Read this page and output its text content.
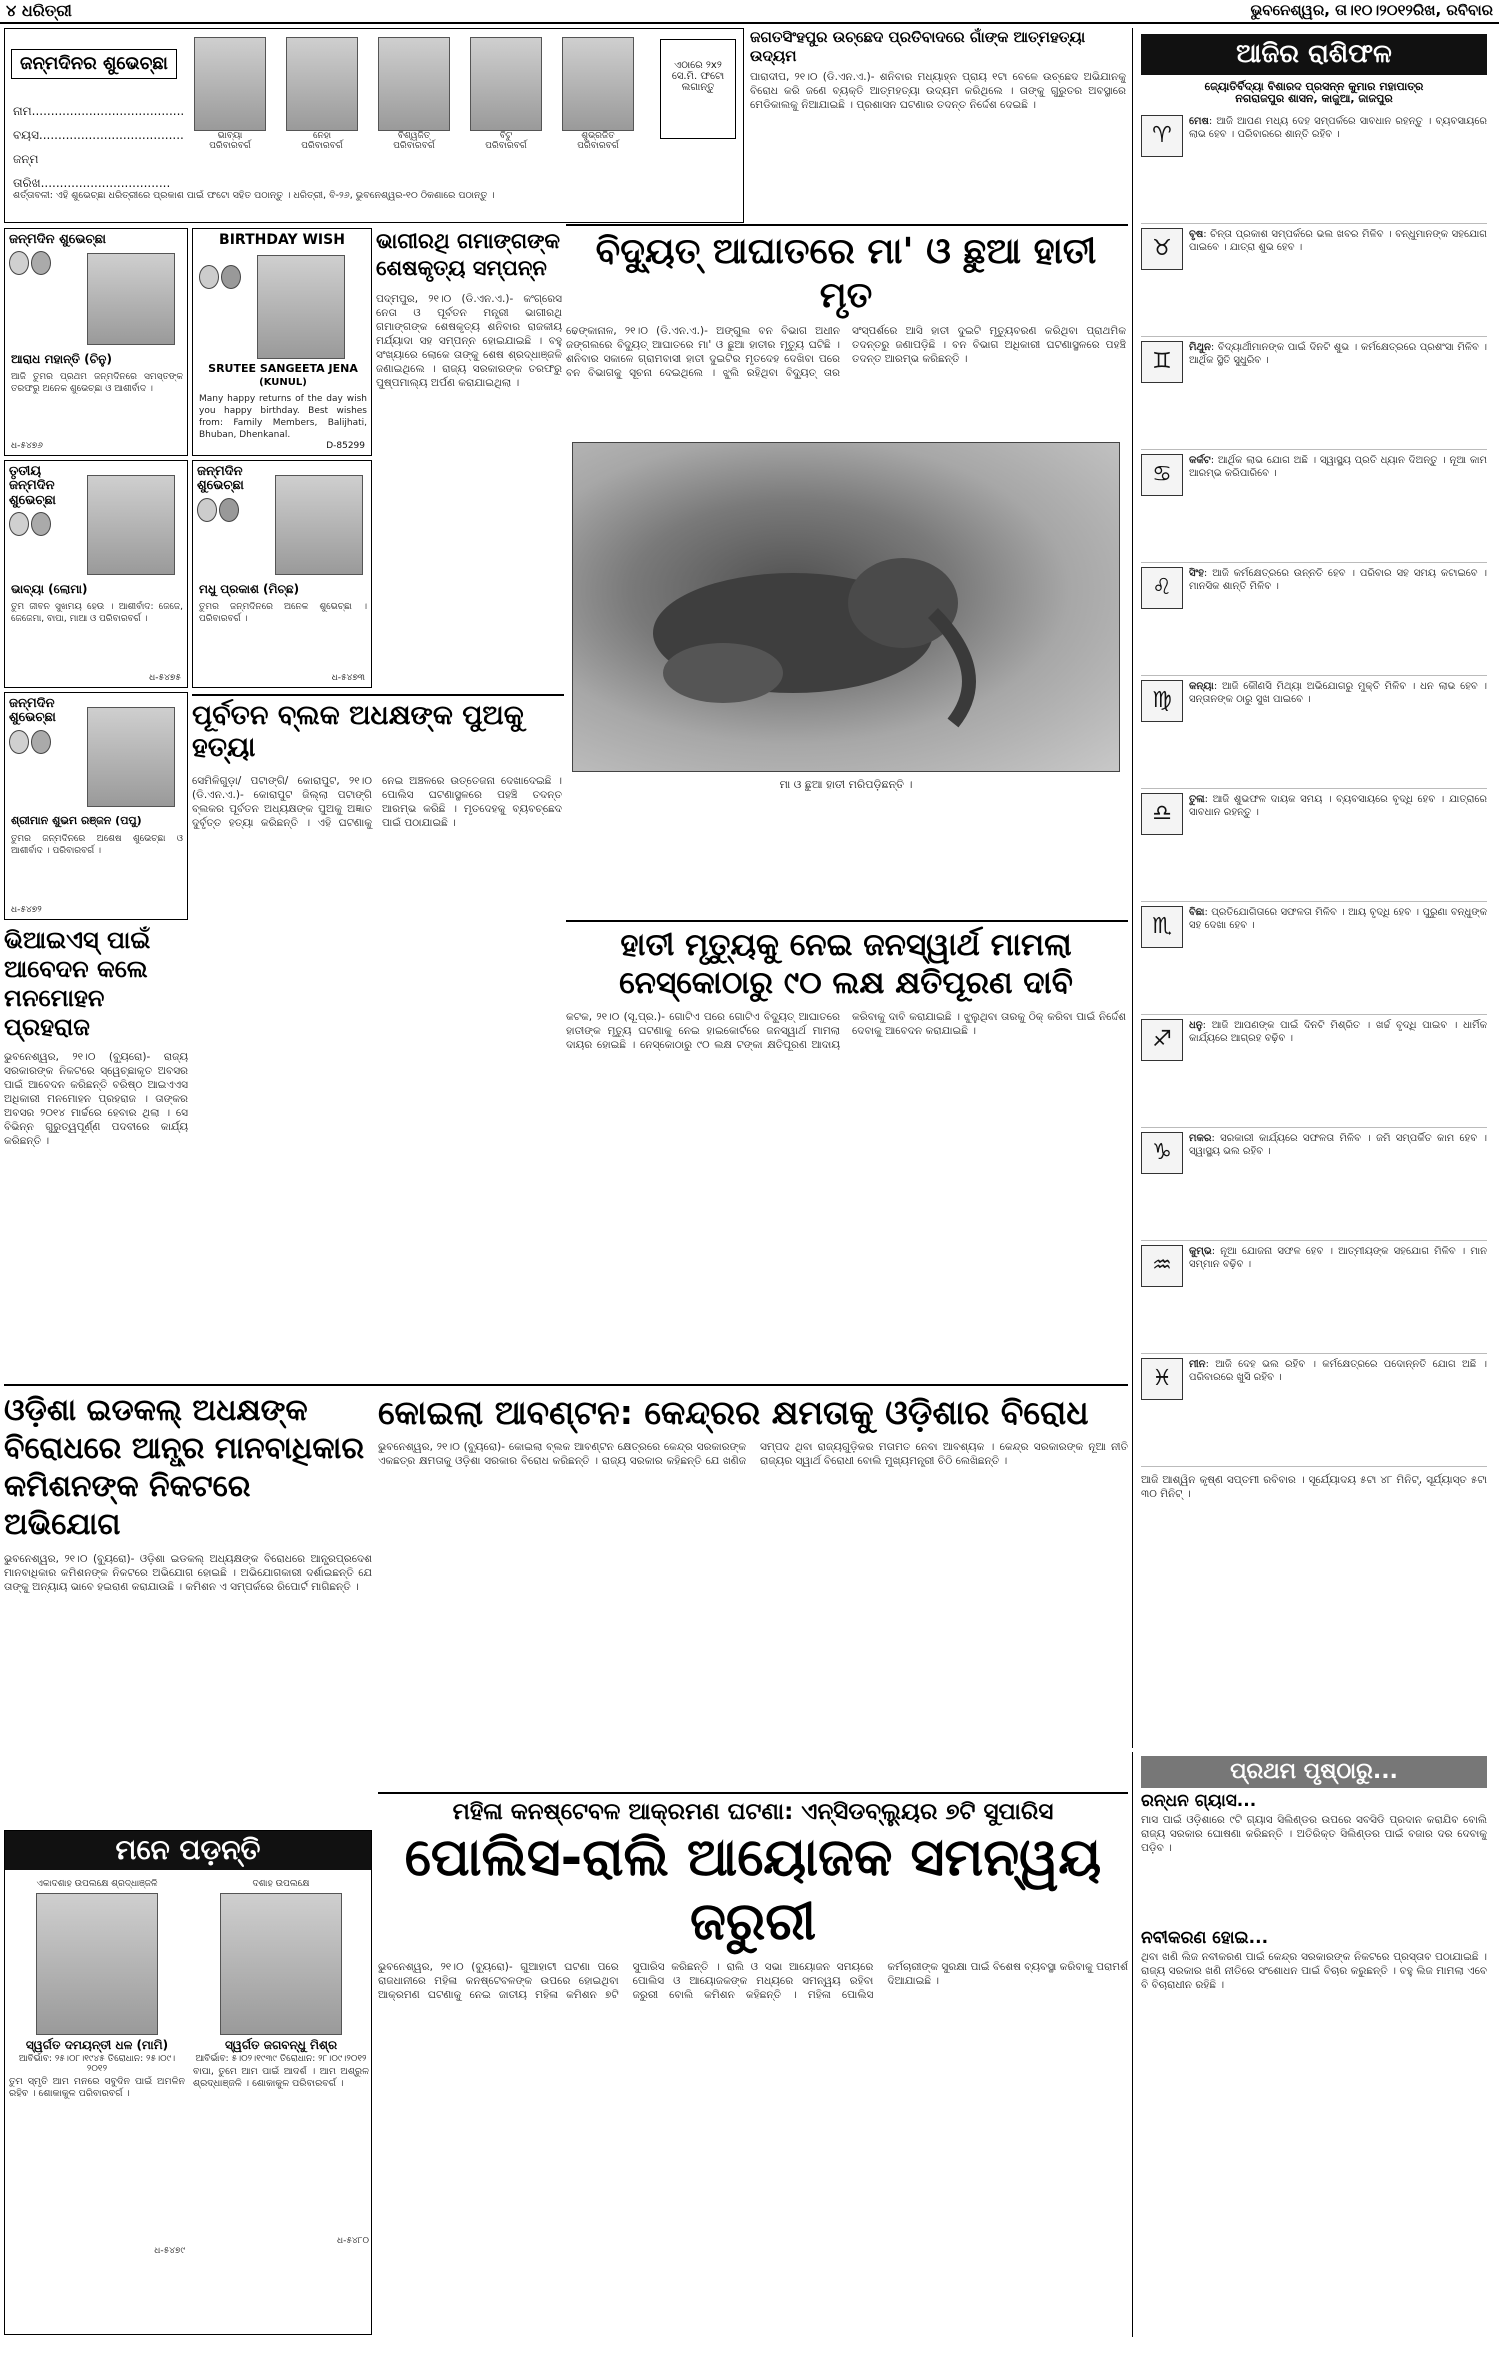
୪ ଧରିତ୍ରୀ	ଭୁବନେଶ୍ୱର, ତା।୧୦।୨୦୧୨ରିଖ, ରବିବାର
ଜନ୍ମଦିନର ଶୁଭେଚ୍ଛା
ନାମ........................................
ବୟସ......................................
ଜନ୍ମ ତାରିଖ..................................
ଭାବ୍ୟା
ପରିବାରବର୍ଗ
ନେହା
ପରିବାରବର୍ଗ
ବିଶ୍ୱଜିତ୍
ପରିବାରବର୍ଗ
ବିଟୁ
ପରିବାରବର୍ଗ
ଶୁଭ୍ରଜିତ
ପରିବାରବର୍ଗ
ଏଠାରେ ୨x୨ ସେ.ମି. ଫଟୋ ଲଗାନ୍ତୁ
ଶର୍ତ୍ତାବଳୀ: ଏହି ଶୁଭେଚ୍ଛା ଧରିତ୍ରୀରେ ପ୍ରକାଶ ପାଇଁ ଫଟୋ ସହିତ ପଠାନ୍ତୁ । ଧରିତ୍ରୀ, ବି-୨୬, ଭୁବନେଶ୍ୱର-୧୦ ଠିକଣାରେ ପଠାନ୍ତୁ ।
ଜନ୍ମଦିନ ଶୁଭେଚ୍ଛା
ଆରାଧ ମହାନ୍ତି (ଚିନୁ)
ଆଜି ତୁମର ପ୍ରଥମ ଜନ୍ମଦିନରେ ସମସ୍ତଙ୍କ ତରଫରୁ ଅନେକ ଶୁଭେଚ୍ଛା ଓ ଆଶୀର୍ବାଦ ।
ଧ-୫୪୭୬
BIRTHDAY WISH
SRUTEE SANGEETA JENA
(KUNUL)
Many happy returns of the day wish you happy birthday. Best wishes from: Family Members, Balijhati, Bhuban, Dhenkanal.
D-85299
ତୃତୀୟ ଜନ୍ମଦିନ ଶୁଭେଚ୍ଛା
ଭାବ୍ୟା (ଲୋମା)
ତୁମ ଜୀବନ ସୁଖମୟ ହେଉ । ଆଶୀର୍ବାଦ: ଜେଜେ, ଜେଜେମା, ବାପା, ମାଆ ଓ ପରିବାରବର୍ଗ ।
ଧ-୫୪୭୫
ଜନ୍ମଦିନ ଶୁଭେଚ୍ଛା
ମଧୁ ପ୍ରକାଶ (ମିଚ୍ଛ)
ତୁମର ଜନ୍ମଦିନରେ ଅନେକ ଶୁଭେଚ୍ଛା । ପରିବାରବର୍ଗ ।
ଧ-୫୪୭୩
ଜନ୍ମଦିନ ଶୁଭେଚ୍ଛା
ଶ୍ରୀମାନ ଶୁଭମ ରଞ୍ଜନ (ପପୁ)
ତୁମର ଜନ୍ମଦିନରେ ଅଶେଷ ଶୁଭେଚ୍ଛା ଓ ଆଶୀର୍ବାଦ । ପରିବାରବର୍ଗ ।
ଧ-୫୪୭୨
ଭିଆଇଏସ୍ ପାଇଁ ଆବେଦନ କଲେ ମନମୋହନ ପ୍ରହରାଜ
ଭୁବନେଶ୍ୱର, ୨୧।୦ (ବ୍ୟୁରୋ)- ରାଜ୍ୟ ସରକାରଙ୍କ ନିକଟରେ ସ୍ୱେଚ୍ଛାକୃତ ଅବସର ପାଇଁ ଆବେଦନ କରିଛନ୍ତି ବରିଷ୍ଠ ଆଇଏଏସ ଅଧିକାରୀ ମନମୋହନ ପ୍ରହରାଜ । ତାଙ୍କର ଅବସର ୨୦୧୪ ମାର୍ଚ୍ଚରେ ହେବାର ଥିଲା । ସେ ବିଭିନ୍ନ ଗୁରୁତ୍ୱପୂର୍ଣ୍ଣ ପଦବୀରେ କାର୍ଯ୍ୟ କରିଛନ୍ତି ।
ଭାଗୀରଥି ଗମାଙ୍ଗଙ୍କ ଶେଷକୃତ୍ୟ ସମ୍ପନ୍ନ
ପଦ୍ମପୁର, ୨୧।୦ (ଡି.ଏନ.ଏ.)- କଂଗ୍ରେସ ନେତା ଓ ପୂର୍ବତନ ମନ୍ତ୍ରୀ ଭାଗୀରଥି ଗମାଙ୍ଗଙ୍କ ଶେଷକୃତ୍ୟ ଶନିବାର ରାଜକୀୟ ମର୍ଯ୍ୟାଦା ସହ ସମ୍ପନ୍ନ ହୋଇଯାଇଛି । ବହୁ ସଂଖ୍ୟାରେ ଲୋକେ ତାଙ୍କୁ ଶେଷ ଶ୍ରଦ୍ଧାଞ୍ଜଳି ଜଣାଇଥିଲେ । ରାଜ୍ୟ ସରକାରଙ୍କ ତରଫରୁ ପୁଷ୍ପମାଲ୍ୟ ଅର୍ପଣ କରାଯାଇଥିଲା ।
ପୂର୍ବତନ ବ୍ଲକ ଅଧକ୍ଷଙ୍କ ପୁଅକୁ ହତ୍ୟା
ସେମିଳିଗୁଡ଼ା/ ପଟାଙ୍ଗି/ କୋରାପୁଟ, ୨୧।୦ (ଡି.ଏନ.ଏ.)- କୋରାପୁଟ ଜିଲ୍ଲା ପଟାଙ୍ଗି ବ୍ଲକର ପୂର୍ବତନ ଅଧ୍ୟକ୍ଷଙ୍କ ପୁଅକୁ ଅଜ୍ଞାତ ଦୁର୍ବୃତ୍ତ ହତ୍ୟା କରିଛନ୍ତି । ଏହି ଘଟଣାକୁ ନେଇ ଅଞ୍ଚଳରେ ଉତ୍ତେଜନା ଦେଖାଦେଇଛି । ପୋଲିସ ଘଟଣାସ୍ଥଳରେ ପହଞ୍ଚି ତଦନ୍ତ ଆରମ୍ଭ କରିଛି । ମୃତଦେହକୁ ବ୍ୟବଚ୍ଛେଦ ପାଇଁ ପଠାଯାଇଛି ।
ଜଗତସିଂହପୁର ଉଚ୍ଛେଦ ପ୍ରତିବାଦରେ ଗାଁଙ୍କ ଆତ୍ମହତ୍ୟା ଉଦ୍ୟମ
ପାରାଦୀପ, ୨୧।୦ (ଡି.ଏନ.ଏ.)- ଶନିବାର ମଧ୍ୟାହ୍ନ ପ୍ରାୟ ୧ଟା ବେଳେ ଉଚ୍ଛେଦ ଅଭିଯାନକୁ ବିରୋଧ କରି ଜଣେ ବ୍ୟକ୍ତି ଆତ୍ମହତ୍ୟା ଉଦ୍ୟମ କରିଥିଲେ । ତାଙ୍କୁ ଗୁରୁତର ଅବସ୍ଥାରେ ମେଡିକାଲକୁ ନିଆଯାଇଛି । ପ୍ରଶାସନ ଘଟଣାର ତଦନ୍ତ ନିର୍ଦ୍ଦେଶ ଦେଇଛି ।
ବିଦ୍ୟୁତ୍ ଆଘାତରେ ମା' ଓ ଛୁଆ ହାତୀ ମୃତ
ଢେଙ୍କାନାଳ, ୨୧।୦ (ଡି.ଏନ.ଏ.)- ଅଙ୍ଗୁଲ ବନ ବିଭାଗ ଅଧୀନ ଜଙ୍ଗଲରେ ବିଦ୍ୟୁତ୍ ଆଘାତରେ ମା' ଓ ଛୁଆ ହାତୀର ମୃତ୍ୟୁ ଘଟିଛି । ଶନିବାର ସକାଳେ ଗ୍ରାମବାସୀ ହାତୀ ଦୁଇଟିର ମୃତଦେହ ଦେଖିବା ପରେ ବନ ବିଭାଗକୁ ସୂଚନା ଦେଇଥିଲେ । ଝୁଲି ରହିଥିବା ବିଦ୍ୟୁତ୍ ତାର ସଂସ୍ପର୍ଶରେ ଆସି ହାତୀ ଦୁଇଟି ମୃତ୍ୟୁବରଣ କରିଥିବା ପ୍ରାଥମିକ ତଦନ୍ତରୁ ଜଣାପଡ଼ିଛି । ବନ ବିଭାଗ ଅଧିକାରୀ ଘଟଣାସ୍ଥଳରେ ପହଞ୍ଚି ତଦନ୍ତ ଆରମ୍ଭ କରିଛନ୍ତି ।
ମା ଓ ଛୁଆ ହାତୀ ମରିପଡ଼ିଛନ୍ତି ।
ହାତୀ ମୃତ୍ୟୁକୁ ନେଇ ଜନସ୍ୱାର୍ଥ ମାମଲା
ନେସ୍କୋଠାରୁ ୯୦ ଲକ୍ଷ କ୍ଷତିପୂରଣ ଦାବି
କଟକ, ୨୧।୦ (ସୂ.ପ୍ର.)- ଗୋଟିଏ ପରେ ଗୋଟିଏ ବିଦ୍ୟୁତ୍ ଆଘାତରେ ହାତୀଙ୍କ ମୃତ୍ୟୁ ଘଟଣାକୁ ନେଇ ହାଇକୋର୍ଟରେ ଜନସ୍ୱାର୍ଥ ମାମଲା ଦାୟର ହୋଇଛି । ନେସ୍କୋଠାରୁ ୯୦ ଲକ୍ଷ ଟଙ୍କା କ୍ଷତିପୂରଣ ଆଦାୟ କରିବାକୁ ଦାବି କରାଯାଇଛି । ଝୁଲୁଥିବା ତାରକୁ ଠିକ୍ କରିବା ପାଇଁ ନିର୍ଦ୍ଦେଶ ଦେବାକୁ ଆବେଦନ କରାଯାଇଛି ।
ଆଜିର ରାଶିଫଳ
ଜ୍ୟୋତିର୍ବିଦ୍ୟା ବିଶାରଦ ପ୍ରସନ୍ନ କୁମାର ମହାପାତ୍ର
ନଗରାଜପୁର ଶାସନ, କାଜୁଆ, ଜାଜପୁର
♈
ମେଷ: ଆଜି ଆପଣ ମଧ୍ୟ ଦେହ ସମ୍ପର୍କରେ ସାବଧାନ ରହନ୍ତୁ । ବ୍ୟବସାୟରେ ଲାଭ ହେବ । ପରିବାରରେ ଶାନ୍ତି ରହିବ ।
♉
ବୃଷ: ଚିନ୍ତା ପ୍ରକାଶ ସମ୍ପର୍କରେ ଭଲ ଖବର ମିଳିବ । ବନ୍ଧୁମାନଙ୍କ ସହଯୋଗ ପାଇବେ । ଯାତ୍ରା ଶୁଭ ହେବ ।
♊
ମିଥୁନ: ବିଦ୍ୟାର୍ଥୀମାନଙ୍କ ପାଇଁ ଦିନଟି ଶୁଭ । କର୍ମକ୍ଷେତ୍ରରେ ପ୍ରଶଂସା ମିଳିବ । ଆର୍ଥିକ ସ୍ଥିତି ସୁଧୁରିବ ।
♋
କର୍କଟ: ଆର୍ଥିକ ଲାଭ ଯୋଗ ଅଛି । ସ୍ୱାସ୍ଥ୍ୟ ପ୍ରତି ଧ୍ୟାନ ଦିଅନ୍ତୁ । ନୂଆ କାମ ଆରମ୍ଭ କରିପାରିବେ ।
♌
ସିଂହ: ଆଜି କର୍ମକ୍ଷେତ୍ରରେ ଉନ୍ନତି ହେବ । ପରିବାର ସହ ସମୟ କଟାଇବେ । ମାନସିକ ଶାନ୍ତି ମିଳିବ ।
♍
କନ୍ୟା: ଆଜି କୌଣସି ମିଥ୍ୟା ଅଭିଯୋଗରୁ ମୁକ୍ତି ମିଳିବ । ଧନ ଲାଭ ହେବ । ସନ୍ତାନଙ୍କ ଠାରୁ ସୁଖ ପାଇବେ ।
♎
ତୁଳା: ଆଜି ଶୁଭଫଳ ଦାୟକ ସମୟ । ବ୍ୟବସାୟରେ ବୃଦ୍ଧି ହେବ । ଯାତ୍ରାରେ ସାବଧାନ ରହନ୍ତୁ ।
♏
ବିଛା: ପ୍ରତିଯୋଗିତାରେ ସଫଳତା ମିଳିବ । ଆୟ ବୃଦ୍ଧି ହେବ । ପୁରୁଣା ବନ୍ଧୁଙ୍କ ସହ ଦେଖା ହେବ ।
♐
ଧନୁ: ଆଜି ଆପଣଙ୍କ ପାଇଁ ଦିନଟି ମିଶ୍ରିତ । ଖର୍ଚ୍ଚ ବୃଦ୍ଧି ପାଇବ । ଧାର୍ମିକ କାର୍ଯ୍ୟରେ ଆଗ୍ରହ ବଢ଼ିବ ।
♑
ମକର: ସରକାରୀ କାର୍ଯ୍ୟରେ ସଫଳତା ମିଳିବ । ଜମି ସମ୍ପର୍କିତ କାମ ହେବ । ସ୍ୱାସ୍ଥ୍ୟ ଭଲ ରହିବ ।
♒
କୁମ୍ଭ: ନୂଆ ଯୋଜନା ସଫଳ ହେବ । ଆତ୍ମୀୟଙ୍କ ସହଯୋଗ ମିଳିବ । ମାନ ସମ୍ମାନ ବଢ଼ିବ ।
♓
ମୀନ: ଆଜି ଦେହ ଭଲ ରହିବ । କର୍ମକ୍ଷେତ୍ରରେ ପଦୋନ୍ନତି ଯୋଗ ଅଛି । ପରିବାରରେ ଖୁସି ରହିବ ।
ଆଜି ଆଶ୍ୱିନ କୃଷ୍ଣ ସପ୍ତମୀ ରବିବାର । ସୂର୍ଯ୍ୟୋଦୟ ୫ଟା ୪୮ ମିନିଟ୍, ସୂର୍ଯ୍ୟାସ୍ତ ୫ଟା ୩୦ ମିନିଟ୍ ।
ପ୍ରଥମ ପୃଷ୍ଠାରୁ...
ରନ୍ଧନ ଗ୍ୟାସ...
ମାସ ପାଇଁ ଓଡ଼ିଶାରେ ୯ଟି ଗ୍ୟାସ ସିଲିଣ୍ଡର ଉପରେ ସବସିଡି ପ୍ରଦାନ କରାଯିବ ବୋଲି ରାଜ୍ୟ ସରକାର ଘୋଷଣା କରିଛନ୍ତି । ଅତିରିକ୍ତ ସିଲିଣ୍ଡର ପାଇଁ ବଜାର ଦର ଦେବାକୁ ପଡ଼ିବ ।
ନବୀକରଣ ହୋଇ...
ଥିବା ଖଣି ଲିଜ ନବୀକରଣ ପାଇଁ କେନ୍ଦ୍ର ସରକାରଙ୍କ ନିକଟରେ ପ୍ରସ୍ତାବ ପଠାଯାଇଛି । ରାଜ୍ୟ ସରକାର ଖଣି ନୀତିରେ ସଂଶୋଧନ ପାଇଁ ବିଚାର କରୁଛନ୍ତି । ବହୁ ଲିଜ ମାମଲା ଏବେ ବି ବିଚାରାଧୀନ ରହିଛି ।
ଓଡ଼ିଶା ଇଡକଲ୍ ଅଧକ୍ଷଙ୍କ ବିରୋଧରେ ଆନ୍ଧ୍ର ମାନବାଧିକାର କମିଶନଙ୍କ ନିକଟରେ ଅଭିଯୋଗ
ଭୁବନେଶ୍ୱର, ୨୧।୦ (ବ୍ୟୁରୋ)- ଓଡ଼ିଶା ଇଡକଲ୍ ଅଧ୍ୟକ୍ଷଙ୍କ ବିରୋଧରେ ଆନ୍ଧ୍ରପ୍ରଦେଶ ମାନବାଧିକାର କମିଶନଙ୍କ ନିକଟରେ ଅଭିଯୋଗ ହୋଇଛି । ଅଭିଯୋଗକାରୀ ଦର୍ଶାଇଛନ୍ତି ଯେ ତାଙ୍କୁ ଅନ୍ୟାୟ ଭାବେ ହଇରାଣ କରାଯାଉଛି । କମିଶନ ଏ ସମ୍ପର୍କରେ ରିପୋର୍ଟ ମାଗିଛନ୍ତି ।
କୋଇଲା ଆବଣ୍ଟନ: କେନ୍ଦ୍ରର କ୍ଷମତାକୁ ଓଡ଼ିଶାର ବିରୋଧ
ଭୁବନେଶ୍ୱର, ୨୧।୦ (ବ୍ୟୁରୋ)- କୋଇଲା ବ୍ଲକ ଆବଣ୍ଟନ କ୍ଷେତ୍ରରେ କେନ୍ଦ୍ର ସରକାରଙ୍କ ଏକଛତ୍ର କ୍ଷମତାକୁ ଓଡ଼ିଶା ସରକାର ବିରୋଧ କରିଛନ୍ତି । ରାଜ୍ୟ ସରକାର କହିଛନ୍ତି ଯେ ଖଣିଜ ସମ୍ପଦ ଥିବା ରାଜ୍ୟଗୁଡ଼ିକର ମତାମତ ନେବା ଆବଶ୍ୟକ । କେନ୍ଦ୍ର ସରକାରଙ୍କ ନୂଆ ନୀତି ରାଜ୍ୟର ସ୍ୱାର୍ଥ ବିରୋଧୀ ବୋଲି ମୁଖ୍ୟମନ୍ତ୍ରୀ ଚିଠି ଲେଖିଛନ୍ତି ।
ମନେ ପଡ଼ନ୍ତି
ଏକାଦଶାହ ଉପଲକ୍ଷେ ଶ୍ରଦ୍ଧାଞ୍ଜଳି
ସ୍ୱର୍ଗତ ଦମୟନ୍ତୀ ଧଳ (ମାମି)
ଆବିର୍ଭାବ: ୨୫।୦୮।୧୯୪୫ ତିରୋଧାନ: ୨୫।୦୯।୨୦୧୨
ତୁମ ସ୍ମୃତି ଆମ ମନରେ ସବୁଦିନ ପାଇଁ ଅମଳିନ ରହିବ । ଶୋକାକୁଳ ପରିବାରବର୍ଗ ।
ଧ-୫୪୭୯
ଦଶାହ ଉପଲକ୍ଷେ
ସ୍ୱର୍ଗତ ଜଗବନ୍ଧୁ ମିଶ୍ର
ଆବିର୍ଭାବ: ୫।୦୨।୧୯୩୯ ତିରୋଧାନ: ୨୮।୦୯।୨୦୧୨
ବାପା, ତୁମେ ଆମ ପାଇଁ ଆଦର୍ଶ । ଆମ ଅଶ୍ରୁଳ ଶ୍ରଦ୍ଧାଞ୍ଜଳି । ଶୋକାକୁଳ ପରିବାରବର୍ଗ ।
ଧ-୫୪୮୦
ମହିଳା କନଷ୍ଟେବଳ ଆକ୍ରମଣ ଘଟଣା: ଏନ୍‌ସିଡବ୍ଲ୍ୟୁର ୭ଟି ସୁପାରିସ
ପୋଲିସ-ରାଲି ଆୟୋଜକ ସମନ୍ୱୟ ଜରୁରୀ
ଭୁବନେଶ୍ୱର, ୨୧।୦ (ବ୍ୟୁରୋ)- ଗୁଆହାଟୀ ଘଟଣା ପରେ ରାଜଧାନୀରେ ମହିଳା କନଷ୍ଟେବଳଙ୍କ ଉପରେ ହୋଇଥିବା ଆକ୍ରମଣ ଘଟଣାକୁ ନେଇ ଜାତୀୟ ମହିଳା କମିଶନ ୭ଟି ସୁପାରିସ କରିଛନ୍ତି । ରାଲି ଓ ସଭା ଆୟୋଜନ ସମୟରେ ପୋଲିସ ଓ ଆୟୋଜକଙ୍କ ମଧ୍ୟରେ ସମନ୍ୱୟ ରହିବା ଜରୁରୀ ବୋଲି କମିଶନ କହିଛନ୍ତି । ମହିଳା ପୋଲିସ କର୍ମଚାରୀଙ୍କ ସୁରକ୍ଷା ପାଇଁ ବିଶେଷ ବ୍ୟବସ୍ଥା କରିବାକୁ ପରାମର୍ଶ ଦିଆଯାଇଛି ।
